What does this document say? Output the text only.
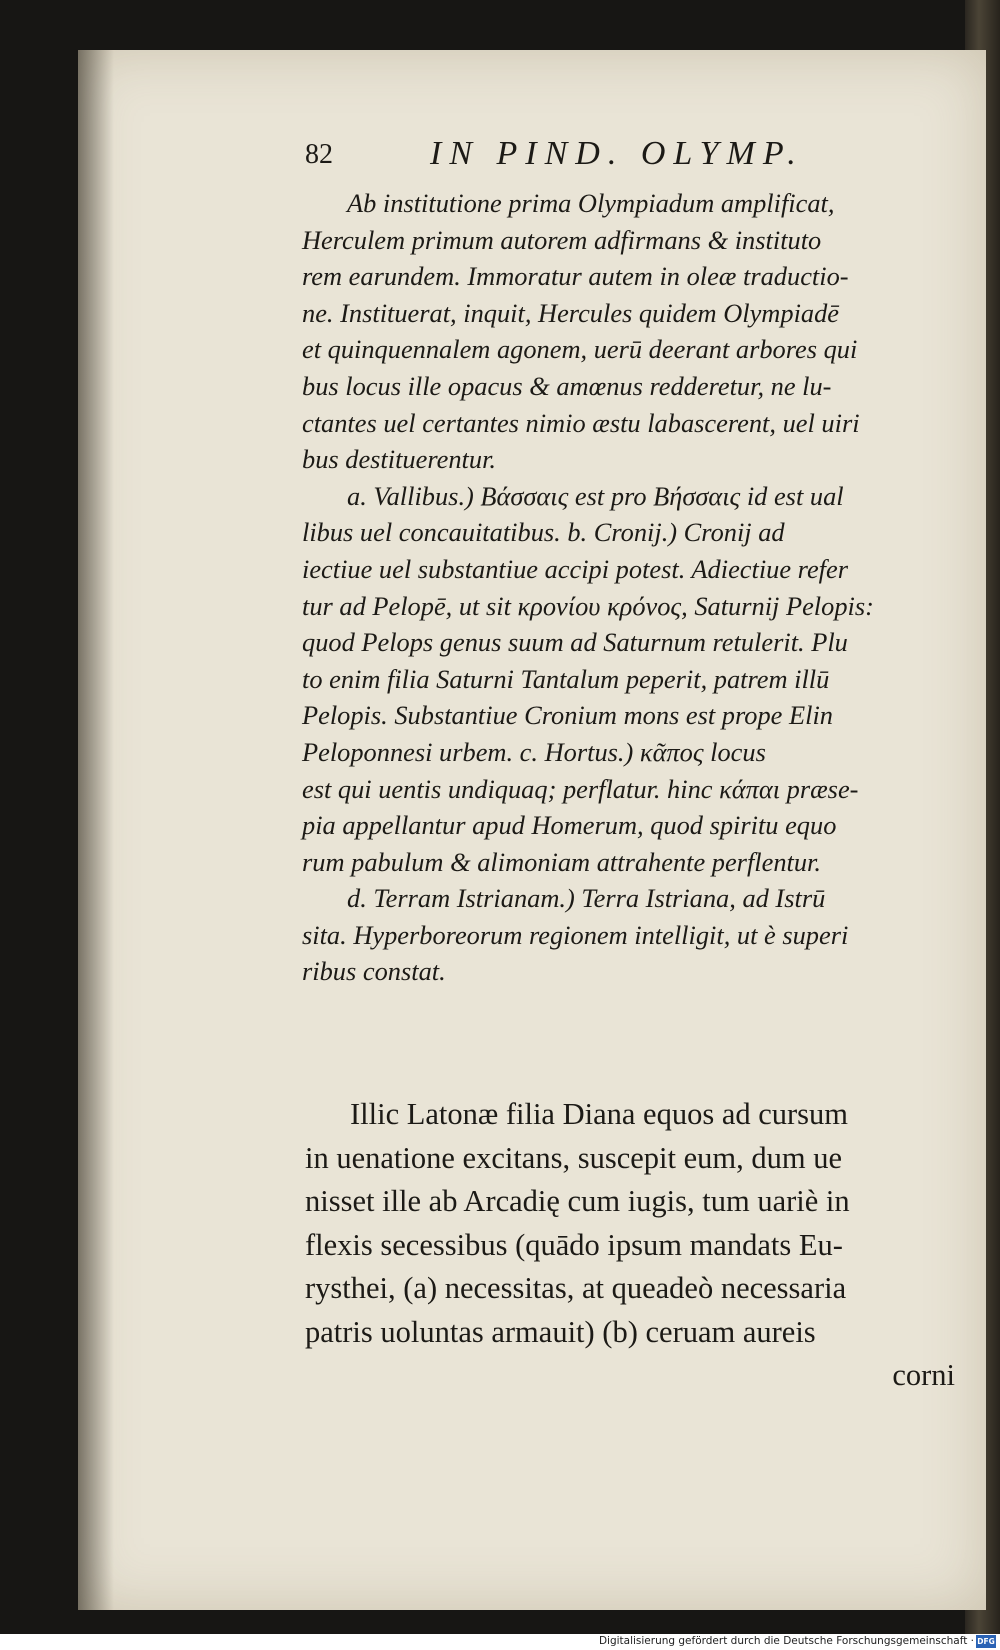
82	IN PIND. OLYMP.
Ab institutione prima Olympiadum amplificat,
Herculem primum autorem adfirmans & instituto
rem earundem. Immoratur autem in oleæ traductio-
ne. Instituerat, inquit, Hercules quidem Olympiadē
et quinquennalem agonem, uerū deerant arbores qui
bus locus ille opacus & amœnus redderetur, ne lu-
ctantes uel certantes nimio æstu labascerent, uel uiri
bus destituerentur.
a. Vallibus.) Βάσσαις est pro Βήσσαις id est ual
libus uel concauitatibus. b. Cronij.) Cronij ad
iectiue uel substantiue accipi potest. Adiectiue refer
tur ad Pelopē, ut sit κρονίου κρόνος, Saturnij Pelopis:
quod Pelops genus suum ad Saturnum retulerit. Plu
to enim filia Saturni Tantalum peperit, patrem illū
Pelopis. Substantiue Cronium mons est prope Elin
Peloponnesi urbem. c. Hortus.) κᾶπος locus
est qui uentis undiquaq; perflatur. hinc κάπαι præse-
pia appellantur apud Homerum, quod spiritu equo
rum pabulum & alimoniam attrahente perflentur.
d. Terram Istrianam.) Terra Istriana, ad Istrū
sita. Hyperboreorum regionem intelligit, ut è superi
ribus constat.
Illic Latonæ filia Diana equos ad cursum
in uenatione excitans, suscepit eum, dum ue
nisset ille ab Arcadię cum iugis, tum uariè in
flexis secessibus (quādo ipsum mandats Eu-
rysthei, (a) necessitas, at queadeò necessaria
patris uoluntas armauit) (b) ceruam aureis
corni
Digitalisierung gefördert durch die Deutsche Forschungsgemeinschaft · DFG
